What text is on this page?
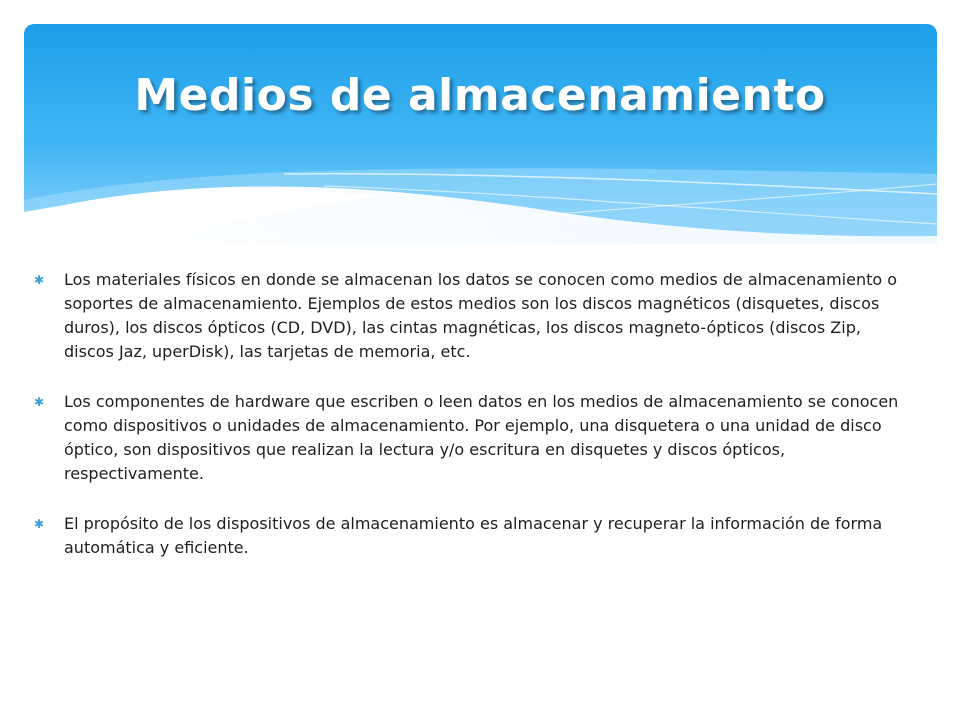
Medios de almacenamiento
✱	Los materiales físicos en donde se almacenan los datos se conocen como medios de almacenamiento o soportes de almacenamiento. Ejemplos de estos medios son los discos magnéticos (disquetes, discos duros), los discos ópticos (CD, DVD), las cintas magnéticas, los discos magneto-ópticos (discos Zip, discos Jaz, uperDisk), las tarjetas de memoria, etc.
✱	Los componentes de hardware que escriben o leen datos en los medios de almacenamiento se conocen como dispositivos o unidades de almacenamiento. Por ejemplo, una disquetera o una unidad de disco óptico, son dispositivos que realizan la lectura y/o escritura en disquetes y discos ópticos, respectivamente.
✱	El propósito de los dispositivos de almacenamiento es almacenar y recuperar la información de forma automática y eficiente.
